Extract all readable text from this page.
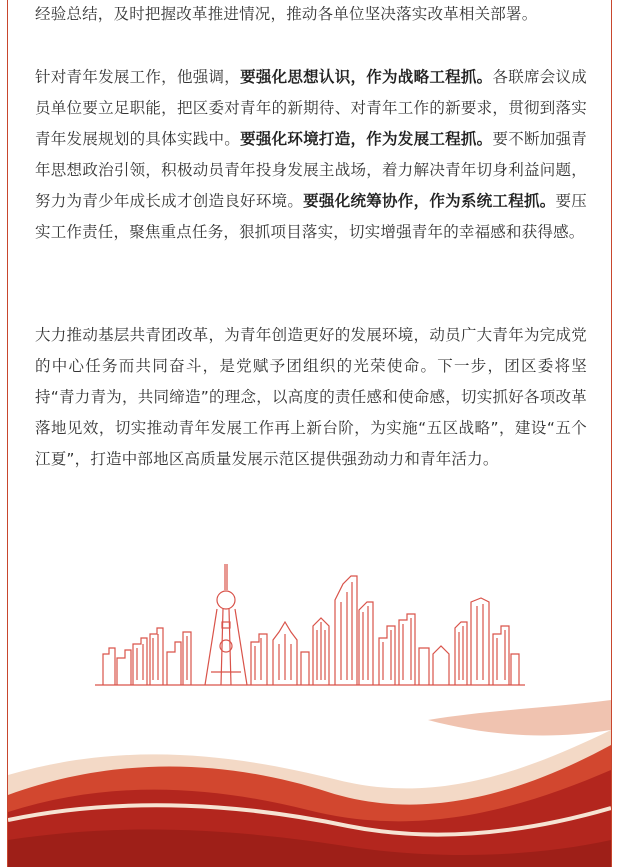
经验总结，及时把握改革推进情况，推动各单位坚决落实改革相关部署。

针对青年发展工作，他强调，要强化思想认识，作为战略工程抓。各联席会议成员单位要立足职能，把区委对青年的新期待、对青年工作的新要求，贯彻到落实青年发展规划的具体实践中。要强化环境打造，作为发展工程抓。要不断加强青年思想政治引领，积极动员青年投身发展主战场，着力解决青年切身利益问题，努力为青少年成长成才创造良好环境。要强化统筹协作，作为系统工程抓。要压实工作责任，聚焦重点任务，狠抓项目落实，切实增强青年的幸福感和获得感。

大力推动基层共青团改革，为青年创造更好的发展环境，动员广大青年为完成党的中心任务而共同奋斗，是党赋予团组织的光荣使命。下一步，团区委将坚持“青力青为，共同缔造”的理念，以高度的责任感和使命感，切实抓好各项改革落地见效，切实推动青年发展工作再上新台阶，为实施“五区战略”，建设“五个江夏”，打造中部地区高质量发展示范区提供强劲动力和青年活力。
